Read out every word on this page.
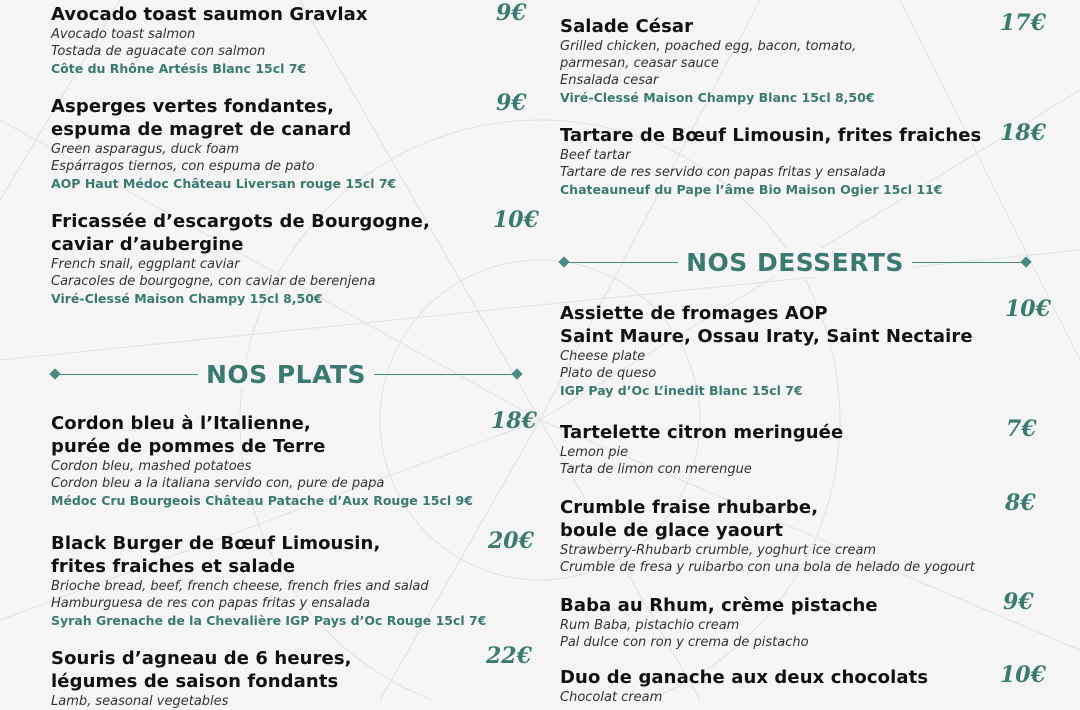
Avocado toast saumon Gravlax
Avocado toast salmon
Tostada de aguacate con salmon
Côte du Rhône Artésis Blanc 15cl 7€
9€
Asperges vertes fondantes,
espuma de magret de canard
Green asparagus, duck foam
Espárragos tiernos, con espuma de pato
AOP Haut Médoc Château Liversan rouge 15cl 7€
9€
Fricassée d’escargots de Bourgogne,
caviar d’aubergine
French snail, eggplant caviar
Caracoles de bourgogne, con caviar de berenjena
Viré-Clessé Maison Champy 15cl 8,50€
10€
NOS PLATS
Cordon bleu à l’Italienne,
purée de pommes de Terre
Cordon bleu, mashed potatoes
Cordon bleu a la italiana servido con, pure de papa
Médoc Cru Bourgeois Château Patache d’Aux Rouge 15cl 9€
18€
Black Burger de Bœuf Limousin,
frites fraiches et salade
Brioche bread, beef, french cheese, french fries and salad
Hamburguesa de res con papas fritas y ensalada
Syrah Grenache de la Chevalière IGP Pays d’Oc Rouge 15cl 7€
20€
Souris d’agneau de 6 heures,
légumes de saison fondants
Lamb, seasonal vegetables
22€
Salade César
Grilled chicken, poached egg, bacon, tomato,
parmesan, ceasar sauce
Ensalada cesar
Viré-Clessé Maison Champy Blanc 15cl 8,50€
17€
Tartare de Bœuf Limousin, frites fraiches
Beef tartar
Tartare de res servido con papas fritas y ensalada
Chateauneuf du Pape l’âme Bio Maison Ogier 15cl 11€
18€
NOS DESSERTS
Assiette de fromages AOP
Saint Maure, Ossau Iraty, Saint Nectaire
Cheese plate
Plato de queso
IGP Pay d’Oc L’inedit Blanc 15cl 7€
10€
Tartelette citron meringuée
Lemon pie
Tarta de limon con merengue
7€
Crumble fraise rhubarbe,
boule de glace yaourt
Strawberry-Rhubarb crumble, yoghurt ice cream
Crumble de fresa y ruibarbo con una bola de helado de yogourt
8€
Baba au Rhum, crème pistache
Rum Baba, pistachio cream
Pal dulce con ron y crema de pistacho
9€
Duo de ganache aux deux chocolats
Chocolat cream
10€
